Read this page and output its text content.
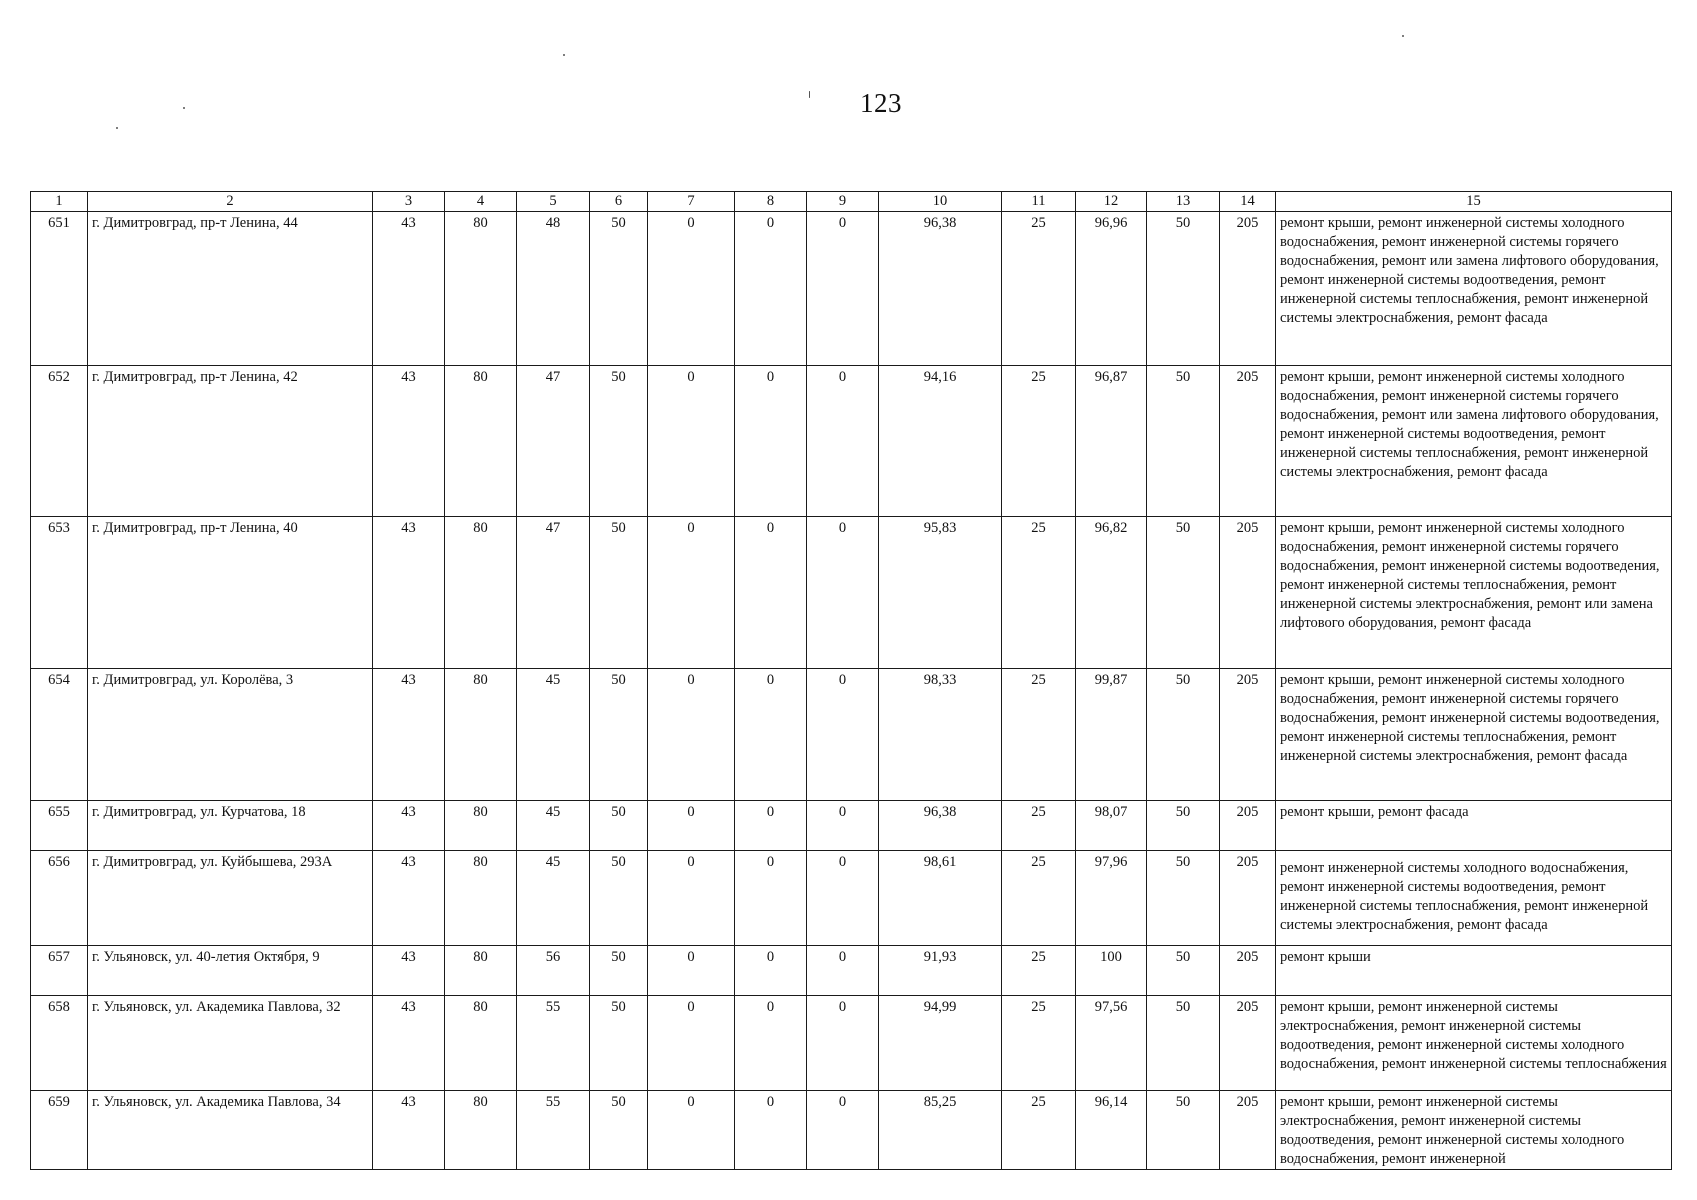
123
1	2	3	4	5	6	7	8	9	10	11	12	13	14	15
651	г. Димитровград, пр-т Ленина, 44	43	80	48	50	0	0	0	96,38	25	96,96	50	205	ремонт крыши, ремонт инженерной системы холодного водоснабжения, ремонт инженерной системы горячего водоснабжения, ремонт или замена лифтового оборудования, ремонт инженерной системы водоотведения, ремонт инженерной системы теплоснабжения, ремонт инженерной системы электроснабжения, ремонт фасада
652	г. Димитровград, пр-т Ленина, 42	43	80	47	50	0	0	0	94,16	25	96,87	50	205	ремонт крыши, ремонт инженерной системы холодного водоснабжения, ремонт инженерной системы горячего водоснабжения, ремонт или замена лифтового оборудования, ремонт инженерной системы водоотведения, ремонт инженерной системы теплоснабжения, ремонт инженерной системы электроснабжения, ремонт фасада
653	г. Димитровград, пр-т Ленина, 40	43	80	47	50	0	0	0	95,83	25	96,82	50	205	ремонт крыши, ремонт инженерной системы холодного водоснабжения, ремонт инженерной системы горячего водоснабжения, ремонт инженерной системы водоотведения, ремонт инженерной системы теплоснабжения, ремонт инженерной системы электроснабжения, ремонт или замена лифтового оборудования, ремонт фасада
654	г. Димитровград, ул. Королёва, 3	43	80	45	50	0	0	0	98,33	25	99,87	50	205	ремонт крыши, ремонт инженерной системы холодного водоснабжения, ремонт инженерной системы горячего водоснабжения, ремонт инженерной системы водоотведения, ремонт инженерной системы теплоснабжения, ремонт инженерной системы электроснабжения, ремонт фасада
655	г. Димитровград, ул. Курчатова, 18	43	80	45	50	0	0	0	96,38	25	98,07	50	205	ремонт крыши, ремонт фасада
656	г. Димитровград, ул. Куйбышева, 293А	43	80	45	50	0	0	0	98,61	25	97,96	50	205	ремонт инженерной системы холодного водоснабжения, ремонт инженерной системы водоотведения, ремонт инженерной системы теплоснабжения, ремонт инженерной системы электроснабжения, ремонт фасада
657	г. Ульяновск, ул. 40-летия Октября, 9	43	80	56	50	0	0	0	91,93	25	100	50	205	ремонт крыши
658	г. Ульяновск, ул. Академика Павлова, 32	43	80	55	50	0	0	0	94,99	25	97,56	50	205	ремонт крыши, ремонт инженерной системы электроснабжения, ремонт инженерной системы водоотведения, ремонт инженерной системы холодного водоснабжения, ремонт инженерной системы теплоснабжения
659	г. Ульяновск, ул. Академика Павлова, 34	43	80	55	50	0	0	0	85,25	25	96,14	50	205	ремонт крыши, ремонт инженерной системы электроснабжения, ремонт инженерной системы водоотведения, ремонт инженерной системы холодного водоснабжения, ремонт инженерной
